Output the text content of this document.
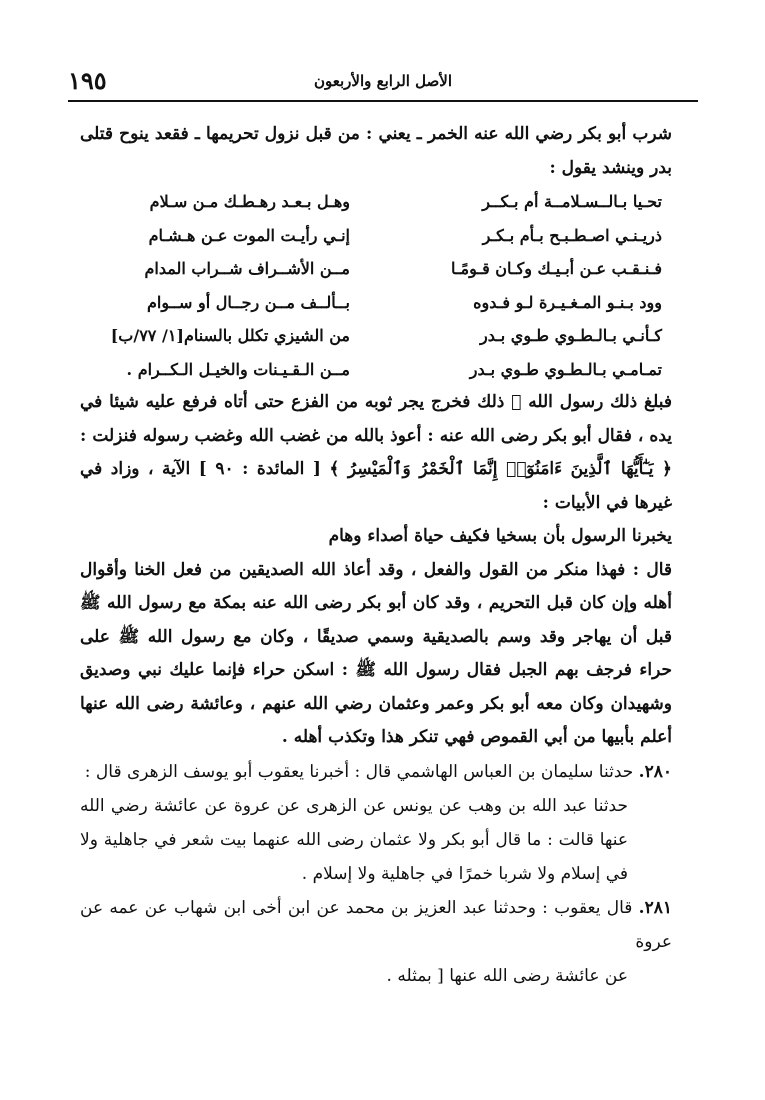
١٩٥	الأصل الرابع والأربعون

شرب أبو بكر رضي الله عنه الخمر ـ يعني : من قبل نزول تحريمها ـ فقعد ينوح قتلى بدر وينشد يقول :

تحـيا بـالــسـلامــة أم بـكــر
وهـل بـعـد رهـطـك مـن سـلام
ذريـنـي اصـطـبـح بـأم بـكـر
إنـي رأيـت الموت عـن هـشـام
فـنـقـب عـن أبـيـك وكـان قـومًـا
مــن الأشــراف شــراب المدام
وود بـنـو المـغـيـرة لـو فـدوه
بــألــف مــن رجــال أو ســوام
كـأنـي بـالـطـوي طـوي بـدر
من الشيزي تكلل بالسنام[١/ ٧٧/ب]
تمـامـي بـالـطـوي طـوي بـدر
مــن الـقـيـنات والخيـل الـكــرام .

فبلغ ذلك رسول الله ﷺ ذلك فخرج يجر ثوبه من الفزع حتى أتاه فرفع عليه شيئا في يده ، فقال أبو بكر رضى الله عنه : أعوذ بالله من غضب الله وغضب رسوله فنزلت : ﴿ يَـٰٓأَيُّهَا ٱلَّذِينَ ءَامَنُوٓا۟ إِنَّمَا ٱلْخَمْرُ وَٱلْمَيْسِرُ ﴾ [ المائدة : ٩٠ ] الآية ، وزاد في غيرها في الأبيات :

يخبرنا الرسول بأن بسخيا فكيف حياة أصداء وهام

قال : فهذا منكر من القول والفعل ، وقد أعاذ الله الصديقين من فعل الخنا وأقوال أهله وإن كان قبل التحريم ، وقد كان أبو بكر رضى الله عنه بمكة مع رسول الله ﷺ قبل أن يهاجر وقد وسم بالصديقية وسمي صديقًا ، وكان مع رسول الله ﷺ على حراء فرجف بهم الجبل فقال رسول الله ﷺ : اسكن حراء فإنما عليك نبي وصديق وشهيدان وكان معه أبو بكر وعمر وعثمان رضي الله عنهم ، وعائشة رضى الله عنها أعلم بأبيها من أبي القموص فهي تنكر هذا وتكذب أهله .

٢٨٠. حدثنا سليمان بن العباس الهاشمي قال : أخبرنا يعقوب أبو يوسف الزهرى قال :
حدثنا عبد الله بن وهب عن يونس عن الزهرى عن عروة عن عائشة رضي الله عنها قالت : ما قال أبو بكر ولا عثمان رضى الله عنهما بيت شعر في جاهلية ولا في إسلام ولا شربا خمرًا في جاهلية ولا إسلام .

٢٨١. قال يعقوب : وحدثنا عبد العزيز بن محمد عن ابن أخى ابن شهاب عن عمه عن عروة
عن عائشة رضى الله عنها [ بمثله .
